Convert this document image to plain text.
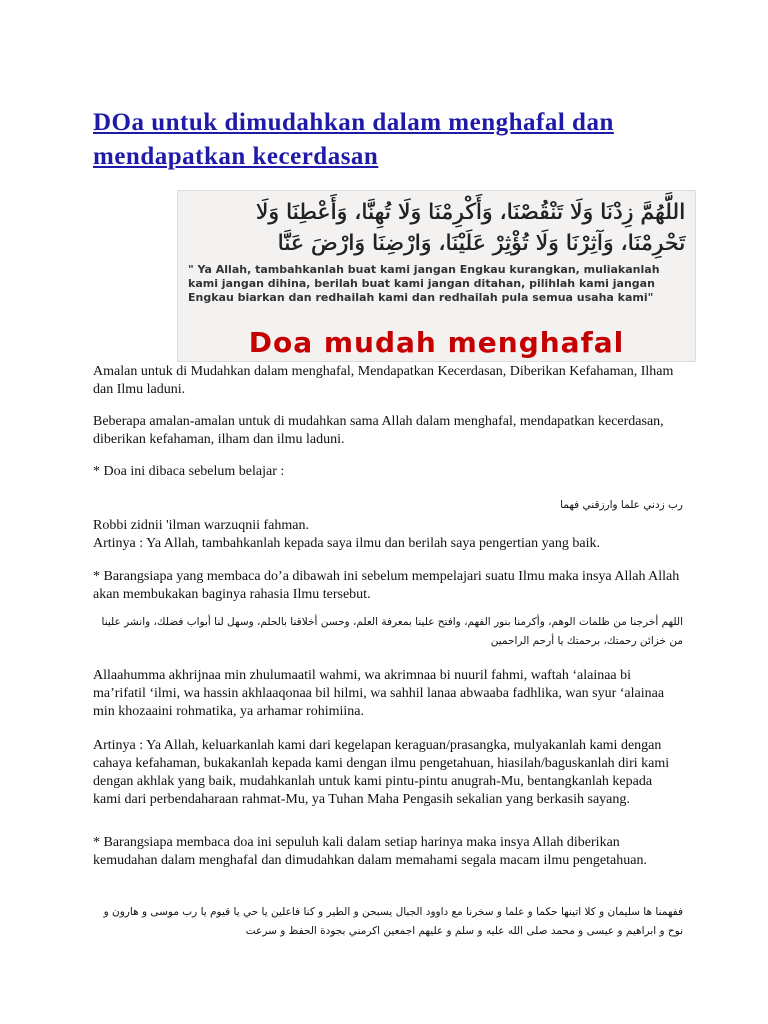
DOa untuk dimudahkan dalam menghafal dan mendapatkan kecerdasan
اللَّهُمَّ زِدْنَا وَلَا تَنْقُصْنَا، وَأَكْرِمْنَا وَلَا تُهِنَّا، وَأَعْطِنَا وَلَا تَحْرِمْنَا، وَآثِرْنَا وَلَا تُؤْثِرْ عَلَيْنَا، وَارْضِنَا وَارْضَ عَنَّا
" Ya Allah, tambahkanlah buat kami jangan Engkau kurangkan, muliakanlah kami jangan dihina, berilah buat kami jangan ditahan, pilihlah kami jangan Engkau biarkan dan redhailah kami dan redhailah pula semua usaha kami"
Doa mudah menghafal

Amalan untuk di Mudahkan dalam menghafal, Mendapatkan Kecerdasan, Diberikan Kefahaman, Ilham dan Ilmu laduni.

Beberapa amalan-amalan untuk di mudahkan sama Allah dalam menghafal, mendapatkan kecerdasan, diberikan kefahaman, ilham dan ilmu laduni.

* Doa ini dibaca sebelum belajar :

رب زدني علما وارزقني فهما

Robbi zidnii 'ilman warzuqnii fahman.

Artinya : Ya Allah, tambahkanlah kepada saya ilmu dan berilah saya pengertian yang baik.

* Barangsiapa yang membaca do’a dibawah ini sebelum mempelajari suatu Ilmu maka insya Allah Allah akan membukakan baginya rahasia Ilmu tersebut.

اللهم أخرجنا من ظلمات الوهم، وأكرمنا بنور الفهم، وافتح علينا بمعرفة العلم، وحسن أخلاقنا بالحلم، وسهل لنا أبواب فضلك، وانشر علينا من خزائن رحمتك، برحمتك يا أرحم الراحمين

Allaahumma akhrijnaa min zhulumaatil wahmi, wa akrimnaa bi nuuril fahmi, waftah ‘alainaa bi ma’rifatil ‘ilmi, wa hassin akhlaaqonaa bil hilmi, wa sahhil lanaa abwaaba fadhlika, wan syur ‘alainaa min khozaaini rohmatika, ya arhamar rohimiina.

Artinya : Ya Allah, keluarkanlah kami dari kegelapan keraguan/prasangka, mulyakanlah kami dengan cahaya kefahaman, bukakanlah kepada kami dengan ilmu pengetahuan, hiasilah/baguskanlah diri kami dengan akhlak yang baik, mudahkanlah untuk kami pintu-pintu anugrah-Mu, bentangkanlah kepada kami dari perbendaharaan rahmat-Mu, ya Tuhan Maha Pengasih sekalian yang berkasih sayang.

* Barangsiapa membaca doa ini sepuluh kali dalam setiap harinya maka insya Allah diberikan kemudahan dalam menghafal dan dimudahkan dalam memahami segala macam ilmu pengetahuan.

ففهمنا ها سليمان و كلا اتينها حكما و علما و سخرنا مع داوود الجبال يسبحن و الطير و كنا فاعلين يا حي يا قيوم يا رب موسى و هارون و نوح و ابراهيم و عيسى و محمد صلى الله عليه و سلم و عليهم اجمعين اكرمني بجودة الحفظ و سرعت
